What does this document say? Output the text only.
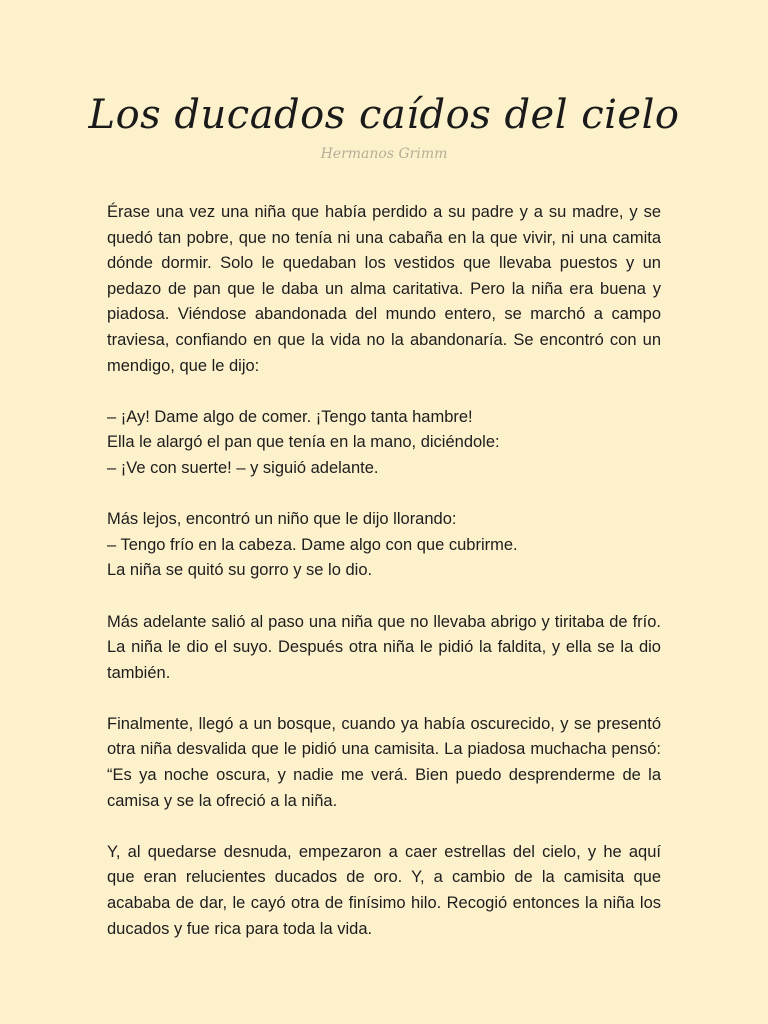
Los ducados caídos del cielo
Hermanos Grimm

Érase una vez una niña que había perdido a su padre y a su madre, y se quedó tan pobre, que no tenía ni una cabaña en la que vivir, ni una camita dónde dormir. Solo le quedaban los vestidos que llevaba puestos y un pedazo de pan que le daba un alma caritativa. Pero la niña era buena y piadosa. Viéndose abandonada del mundo entero, se marchó a campo traviesa, confiando en que la vida no la abandonaría. Se encontró con un mendigo, que le dijo:

– ¡Ay! Dame algo de comer. ¡Tengo tanta hambre!
Ella le alargó el pan que tenía en la mano, diciéndole:
– ¡Ve con suerte! – y siguió adelante.

Más lejos, encontró un niño que le dijo llorando:
– Tengo frío en la cabeza. Dame algo con que cubrirme.
La niña se quitó su gorro y se lo dio.

Más adelante salió al paso una niña que no llevaba abrigo y tiritaba de frío. La niña le dio el suyo. Después otra niña le pidió la faldita, y ella se la dio también.

Finalmente, llegó a un bosque, cuando ya había oscurecido, y se presentó otra niña desvalida que le pidió una camisita. La piadosa muchacha pensó: “Es ya noche oscura, y nadie me verá. Bien puedo desprenderme de la camisa y se la ofreció a la niña.

Y, al quedarse desnuda, empezaron a caer estrellas del cielo, y he aquí que eran relucientes ducados de oro. Y, a cambio de la camisita que acababa de dar, le cayó otra de finísimo hilo. Recogió entonces la niña los ducados y fue rica para toda la vida.
